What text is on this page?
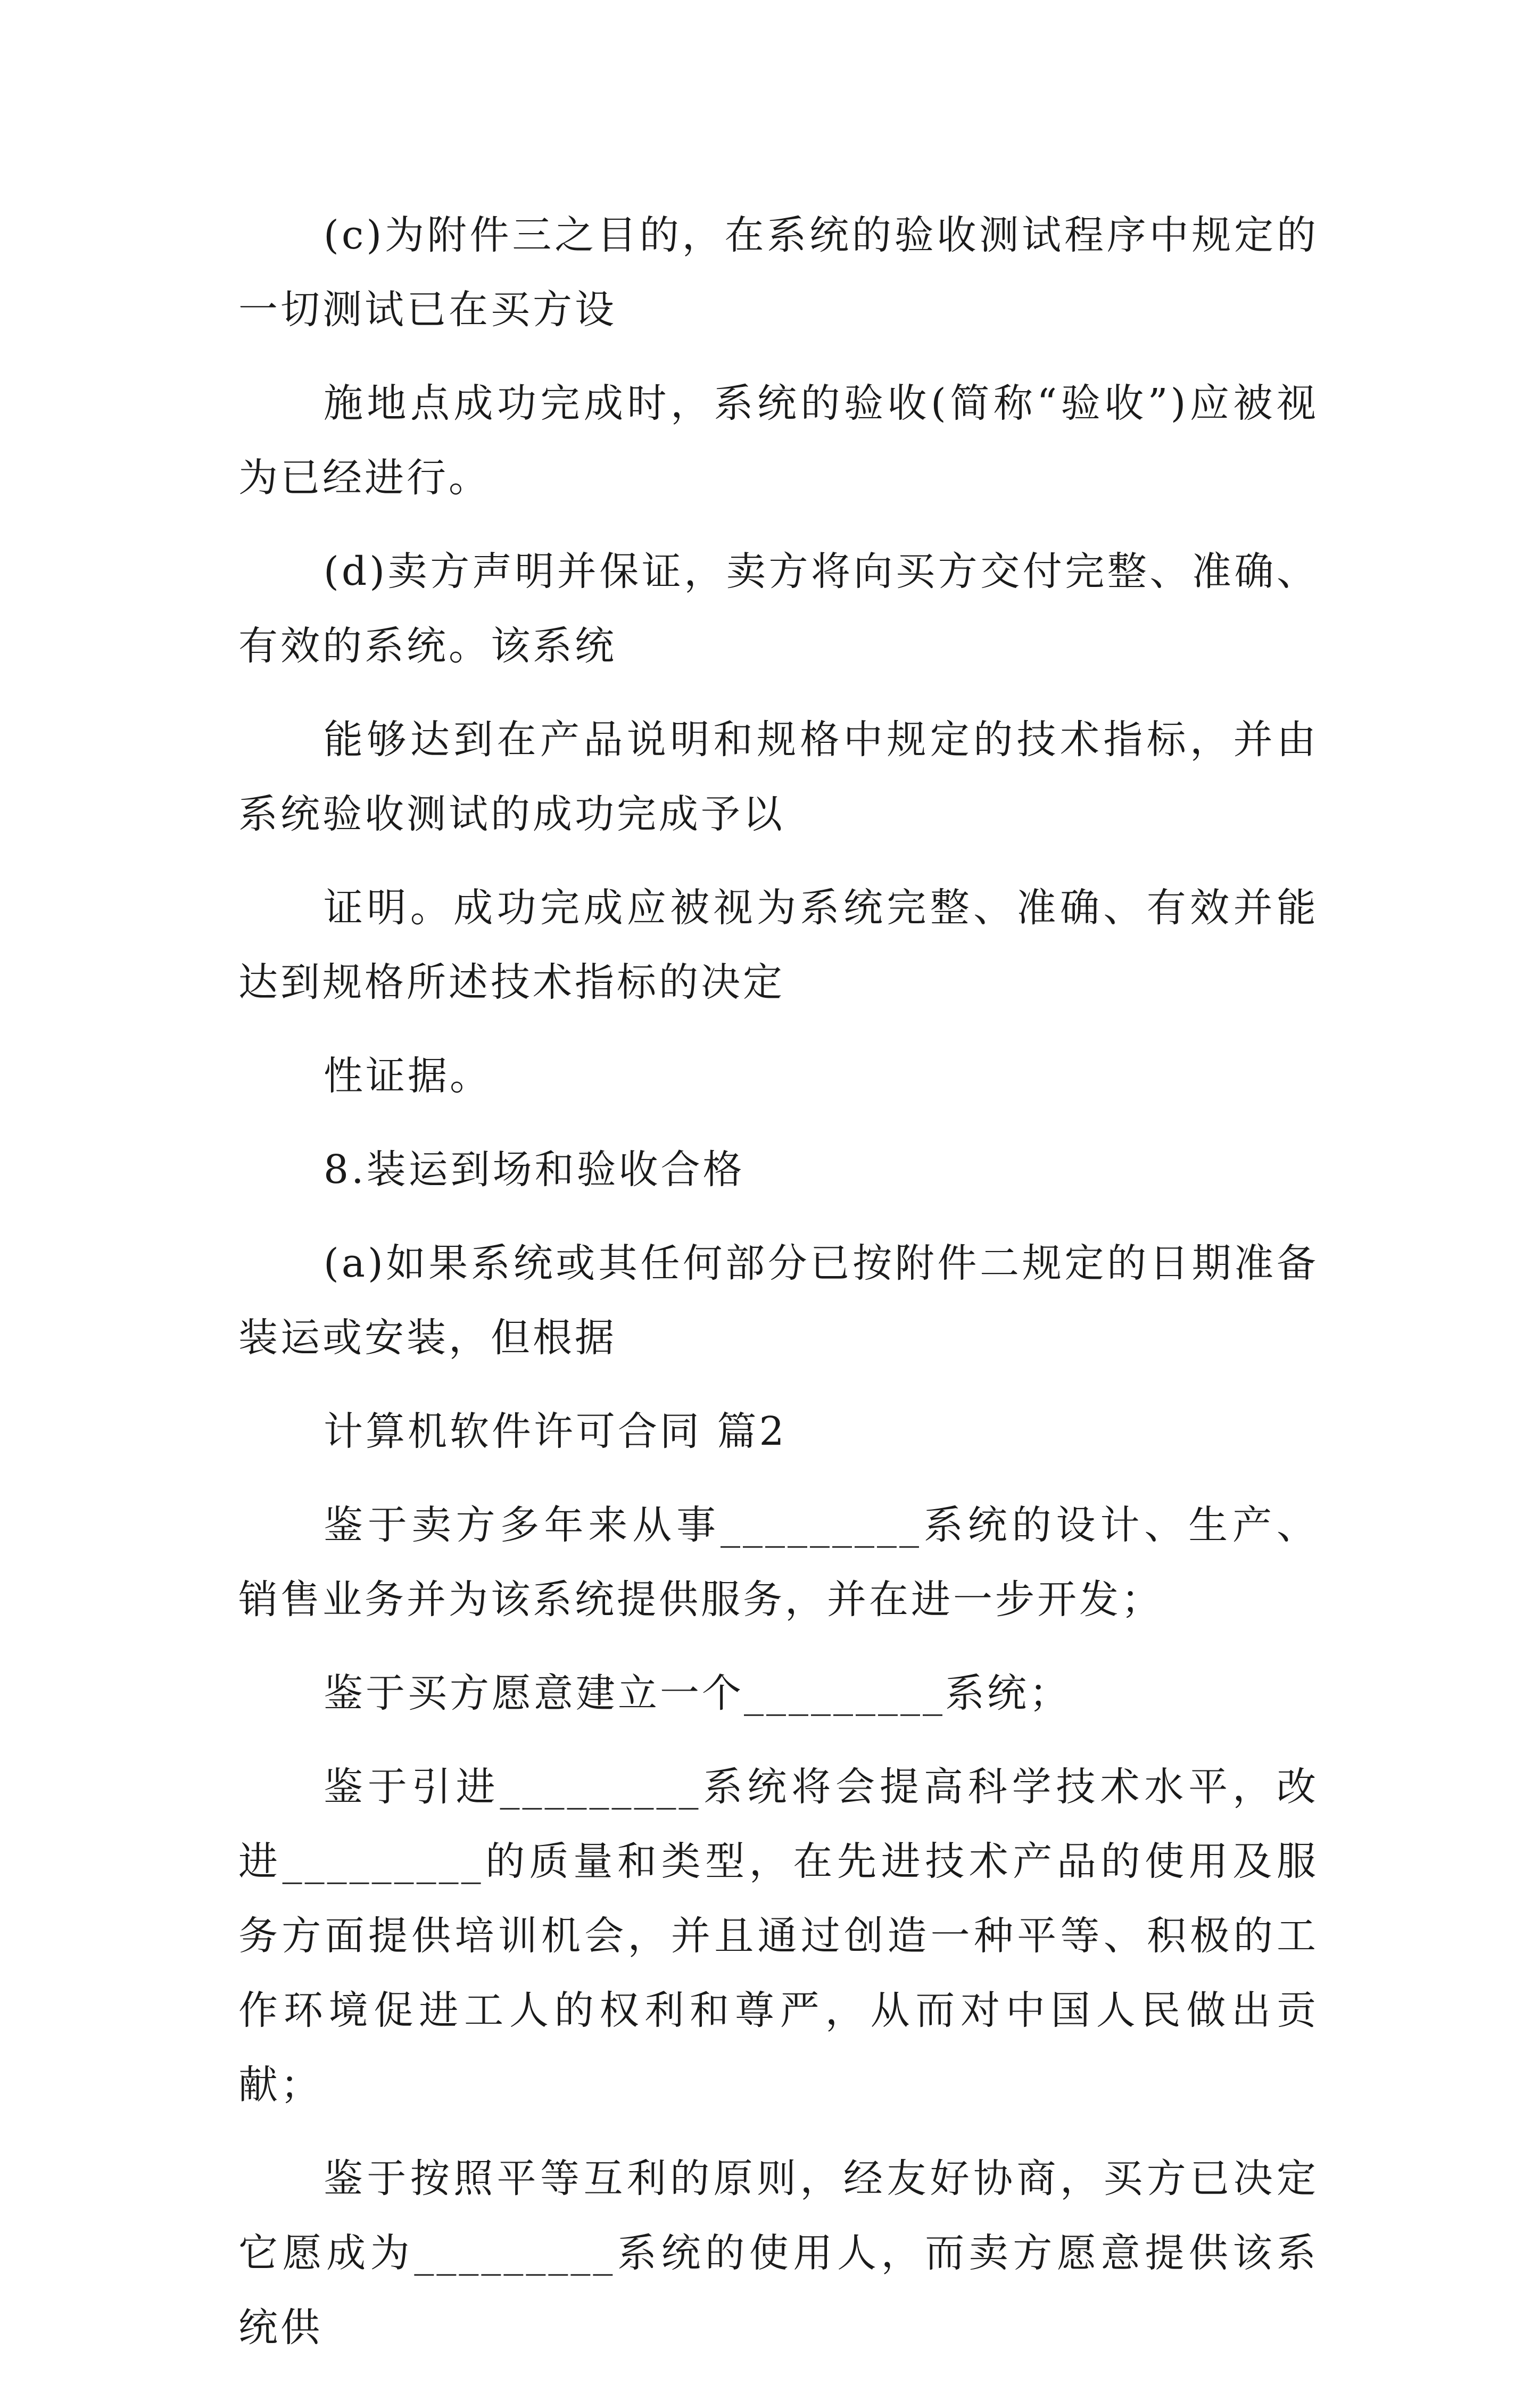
(c)为附件三之目的，在系统的验收测试程序中规定的一切测试已在买方设

施地点成功完成时，系统的验收(简称“验收”)应被视为已经进行。

(d)卖方声明并保证，卖方将向买方交付完整、准确、有效的系统。该系统

能够达到在产品说明和规格中规定的技术指标，并由系统验收测试的成功完成予以

证明。成功完成应被视为系统完整、准确、有效并能达到规格所述技术指标的决定

性证据。

8.装运到场和验收合格

(a)如果系统或其任何部分已按附件二规定的日期准备装运或安装，但根据

计算机软件许可合同 篇2

鉴于卖方多年来从事_________系统的设计、生产、销售业务并为该系统提供服务，并在进一步开发；

鉴于买方愿意建立一个_________系统；

鉴于引进_________系统将会提高科学技术水平，改进_________的质量和类型，在先进技术产品的使用及服务方面提供培训机会，并且通过创造一种平等、积极的工作环境促进工人的权利和尊严，从而对中国人民做出贡献；

鉴于按照平等互利的原则，经友好协商，买方已决定它愿成为_________系统的使用人，而卖方愿意提供该系统供
